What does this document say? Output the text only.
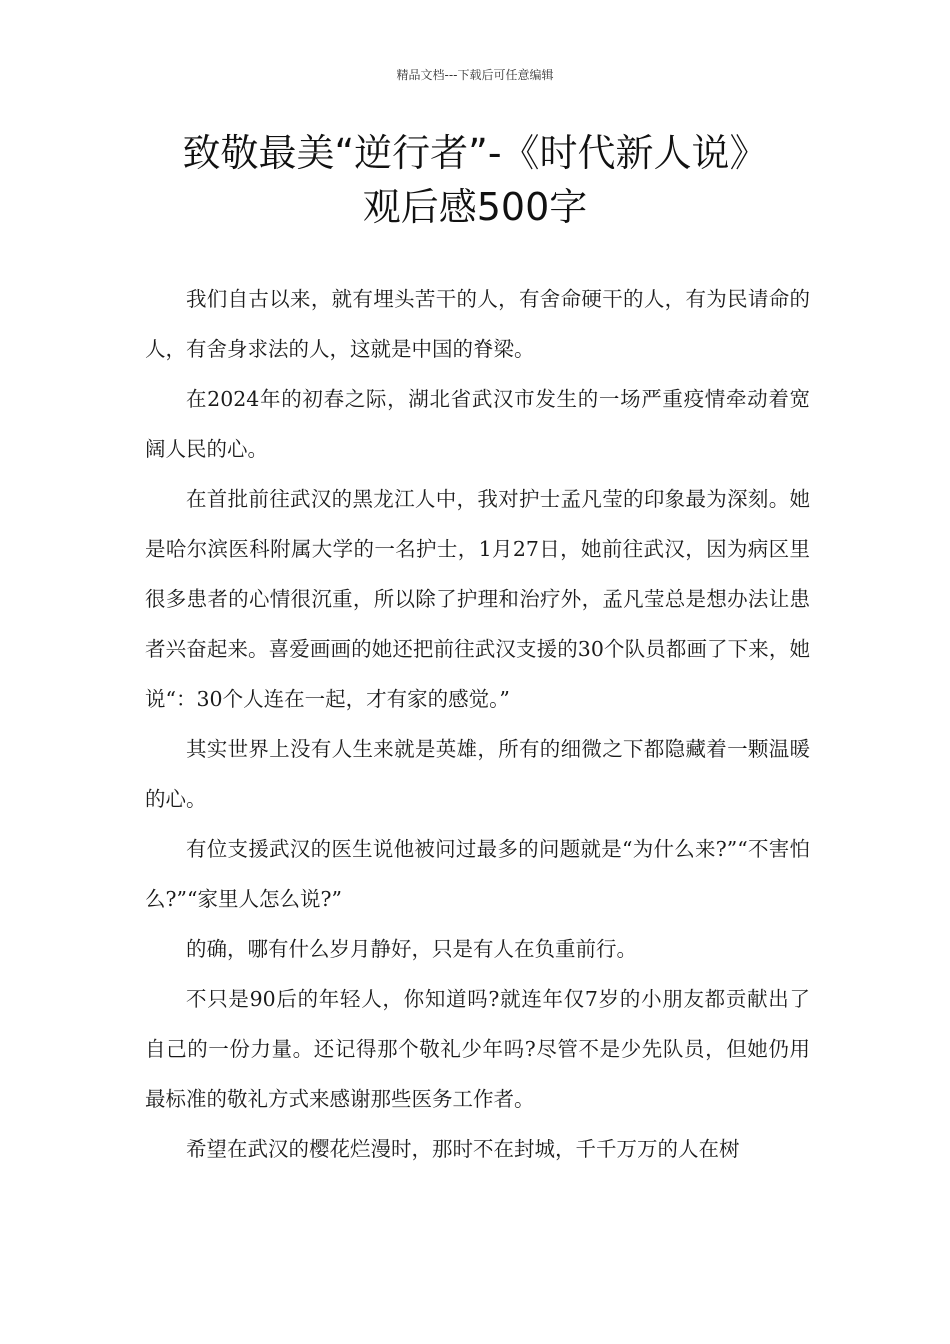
精品文档---下载后可任意编辑
致敬最美“逆行者”-《时代新人说》
观后感500字

我们自古以来，就有埋头苦干的人，有舍命硬干的人，有为民请命的人，有舍身求法的人，这就是中国的脊梁。

在2024年的初春之际，湖北省武汉市发生的一场严重疫情牵动着宽阔人民的心。

在首批前往武汉的黑龙江人中，我对护士孟凡莹的印象最为深刻。她是哈尔滨医科附属大学的一名护士，1月27日，她前往武汉，因为病区里很多患者的心情很沉重，所以除了护理和治疗外，孟凡莹总是想办法让患者兴奋起来。喜爱画画的她还把前往武汉支援的30个队员都画了下来，她说“：30个人连在一起，才有家的感觉。”

其实世界上没有人生来就是英雄，所有的细微之下都隐藏着一颗温暖的心。

有位支援武汉的医生说他被问过最多的问题就是“为什么来?”“不害怕么?”“家里人怎么说?”

的确，哪有什么岁月静好，只是有人在负重前行。

不只是90后的年轻人，你知道吗?就连年仅7岁的小朋友都贡献出了自己的一份力量。还记得那个敬礼少年吗?尽管不是少先队员，但她仍用最标准的敬礼方式来感谢那些医务工作者。

希望在武汉的樱花烂漫时，那时不在封城，千千万万的人在树
